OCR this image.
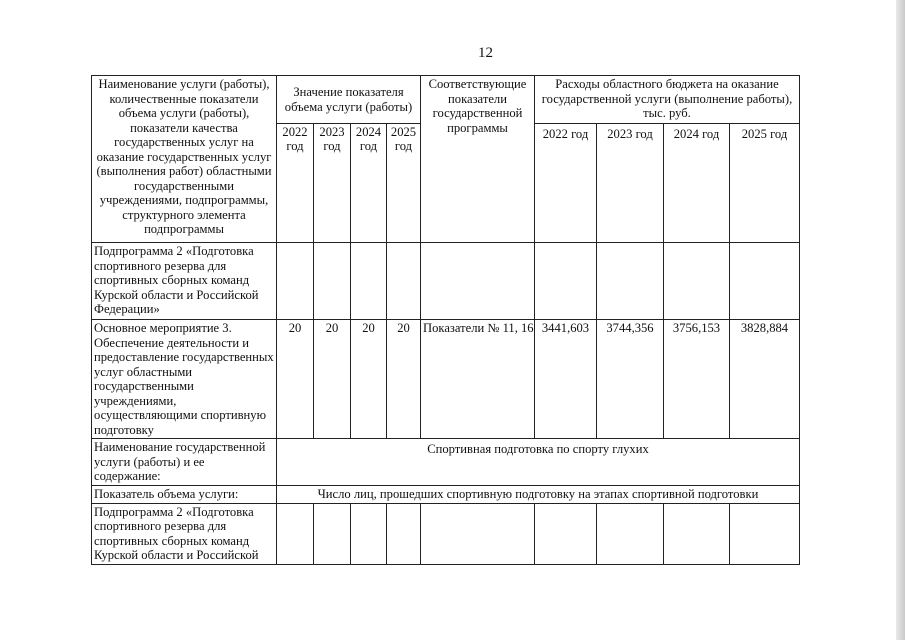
12
Наименование услуги (работы), количественные показатели объема услуги (работы), показатели качества государственных услуг на оказание государственных услуг (выполнения работ) областными государственными учреждениями, подпрограммы, структурного элемента подпрограммы	Значение показателя объема услуги (работы)				Соответствующие показатели государственной программы	Расходы областного бюджета на оказание государственной услуги (выполнение работы), тыс. руб.			

	2022 год	2023 год	2024 год	2025 год		2022 год	2023 год	2024 год	2025 год
Подпрограмма 2 «Подготовка спортивного резерва для спортивных сборных команд Курской области и Российской Федерации»									
Основное мероприятие 3. Обеспечение деятельности и предоставление государственных услуг областными государственными учреждениями, осуществляющими спортивную подготовку	20	20	20	20	Показатели № 11, 16	3441,603	3744,356	3756,153	3828,884
Наименование государственной услуги (работы) и ее содержание:	Спортивная подготовка по спорту глухих								
Показатель объема услуги:	Число лиц, прошедших спортивную подготовку на этапах спортивной подготовки								
Подпрограмма 2 «Подготовка спортивного резерва для спортивных сборных команд Курской области и Российской									
